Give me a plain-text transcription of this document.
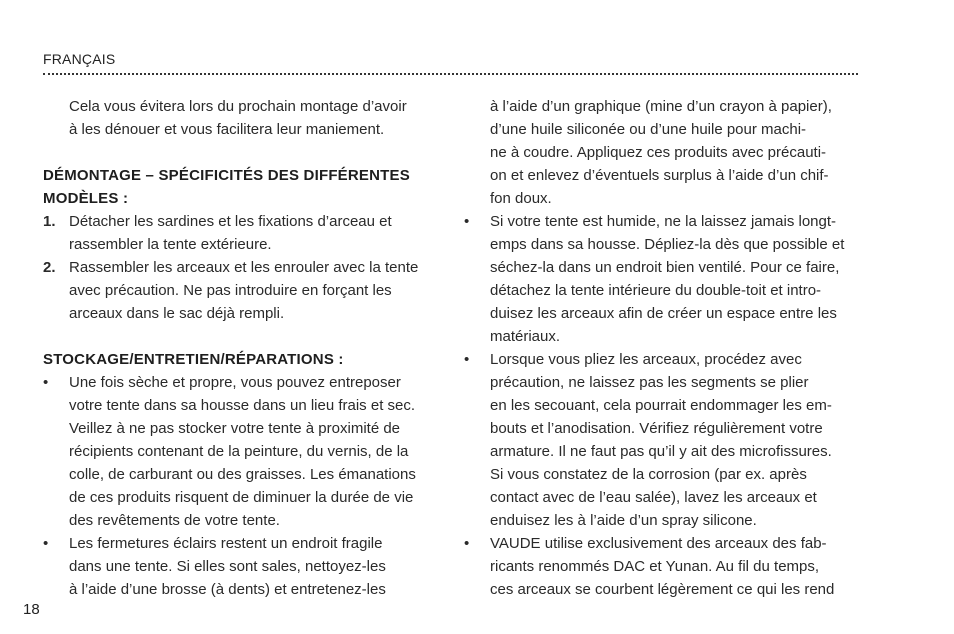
FRANÇAIS
Cela vous évitera lors du prochain montage d’avoir
à les dénouer et vous facilitera leur maniement.
DÉMONTAGE – SPÉCIFICITÉS DES DIFFÉRENTES
MODÈLES :
1. Détacher les sardines et les fixations d’arceau et
rassembler la tente extérieure.
2. Rassembler les arceaux et les enrouler avec la tente
avec précaution. Ne pas introduire en forçant les
arceaux dans le sac déjà rempli.
STOCKAGE/ENTRETIEN/RÉPARATIONS :
• Une fois sèche et propre, vous pouvez entreposer
votre tente dans sa housse dans un lieu frais et sec.
Veillez à ne pas stocker votre tente à proximité de
récipients contenant de la peinture, du vernis, de la
colle, de carburant ou des graisses. Les émanations
de ces produits risquent de diminuer la durée de vie
des revêtements de votre tente.
• Les fermetures éclairs restent un endroit fragile
dans une tente. Si elles sont sales, nettoyez-les
à l’aide d’une brosse (à dents) et entretenez-les
à l’aide d’un graphique (mine d’un crayon à papier),
d’une huile siliconée ou d’une huile pour machi-
ne à coudre. Appliquez ces produits avec précauti-
on et enlevez d’éventuels surplus à l’aide d’un chif-
fon doux.
• Si votre tente est humide, ne la laissez jamais longt-
emps dans sa housse. Dépliez-la dès que possible et
séchez-la dans un endroit bien ventilé. Pour ce faire,
détachez la tente intérieure du double-toit et intro-
duisez les arceaux afin de créer un espace entre les
matériaux.
• Lorsque vous pliez les arceaux, procédez avec
précaution, ne laissez pas les segments se plier
en les secouant, cela pourrait endommager les em-
bouts et l’anodisation. Vérifiez régulièrement votre
armature. Il ne faut pas qu’il y ait des microfissures.
Si vous constatez de la corrosion (par ex. après
contact avec de l’eau salée), lavez les arceaux et
enduisez les à l’aide d’un spray silicone.
• VAUDE utilise exclusivement des arceaux des fab-
ricants renommés DAC et Yunan. Au fil du temps,
ces arceaux se courbent légèrement ce qui les rend
18
